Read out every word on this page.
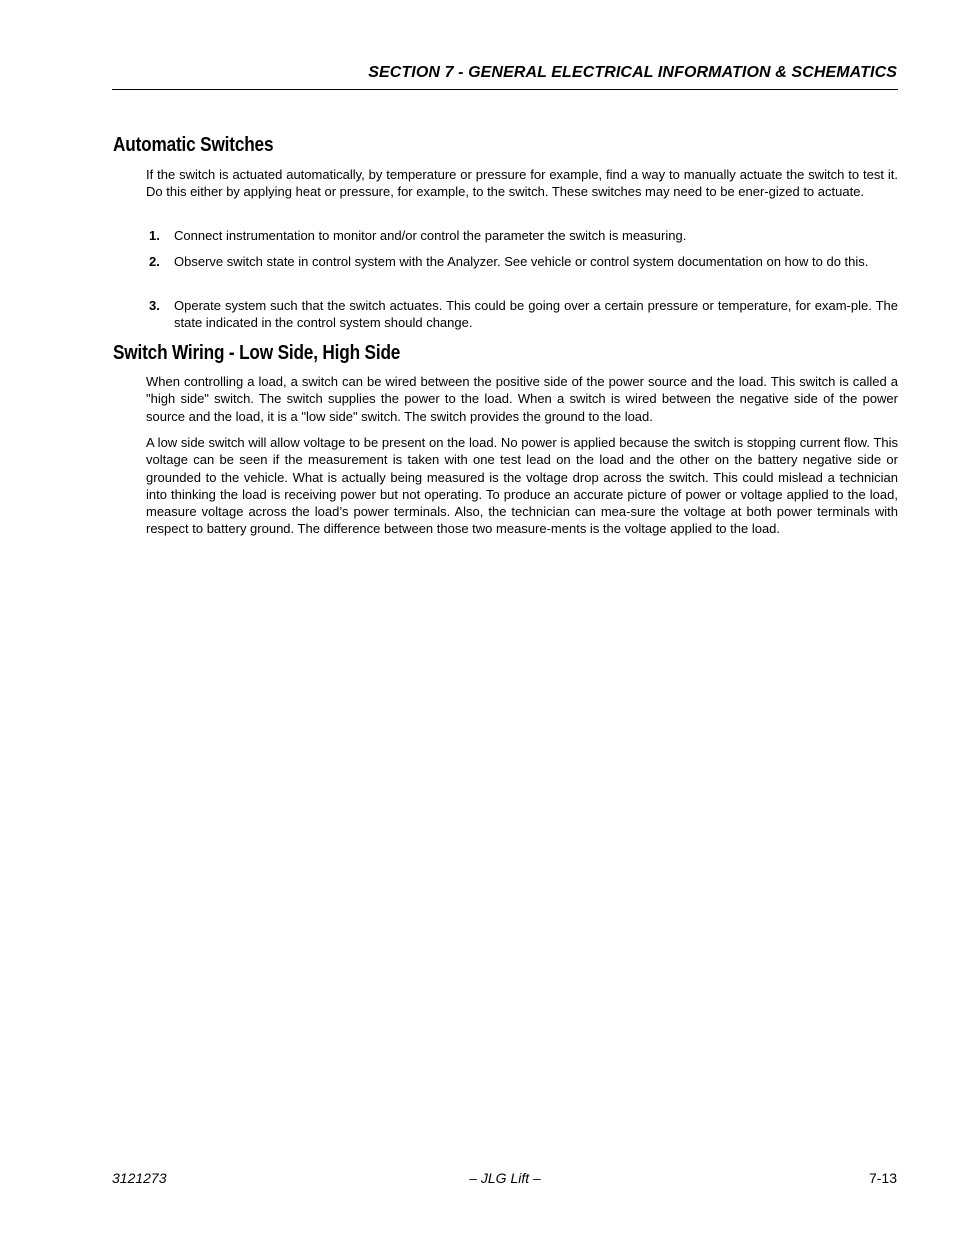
SECTION 7 - GENERAL ELECTRICAL INFORMATION & SCHEMATICS
Automatic Switches

If the switch is actuated automatically, by temperature or pressure for example, find a way to manually actuate the switch to test it. Do this either by applying heat or pressure, for example, to the switch. These switches may need to be ener-gized to actuate.

1. Connect instrumentation to monitor and/or control the parameter the switch is measuring.
2. Observe switch state in control system with the Analyzer. See vehicle or control system documentation on how to do this.
3. Operate system such that the switch actuates. This could be going over a certain pressure or temperature, for exam-ple. The state indicated in the control system should change.
Switch Wiring - Low Side, High Side

When controlling a load, a switch can be wired between the positive side of the power source and the load. This switch is called a "high side" switch. The switch supplies the power to the load. When a switch is wired between the negative side of the power source and the load, it is a "low side" switch. The switch provides the ground to the load.

A low side switch will allow voltage to be present on the load. No power is applied because the switch is stopping current flow. This voltage can be seen if the measurement is taken with one test lead on the load and the other on the battery negative side or grounded to the vehicle. What is actually being measured is the voltage drop across the switch. This could mislead a technician into thinking the load is receiving power but not operating. To produce an accurate picture of power or voltage applied to the load, measure voltage across the load’s power terminals. Also, the technician can mea-sure the voltage at both power terminals with respect to battery ground. The difference between those two measure-ments is the voltage applied to the load.

3121273	– JLG Lift –	7-13
